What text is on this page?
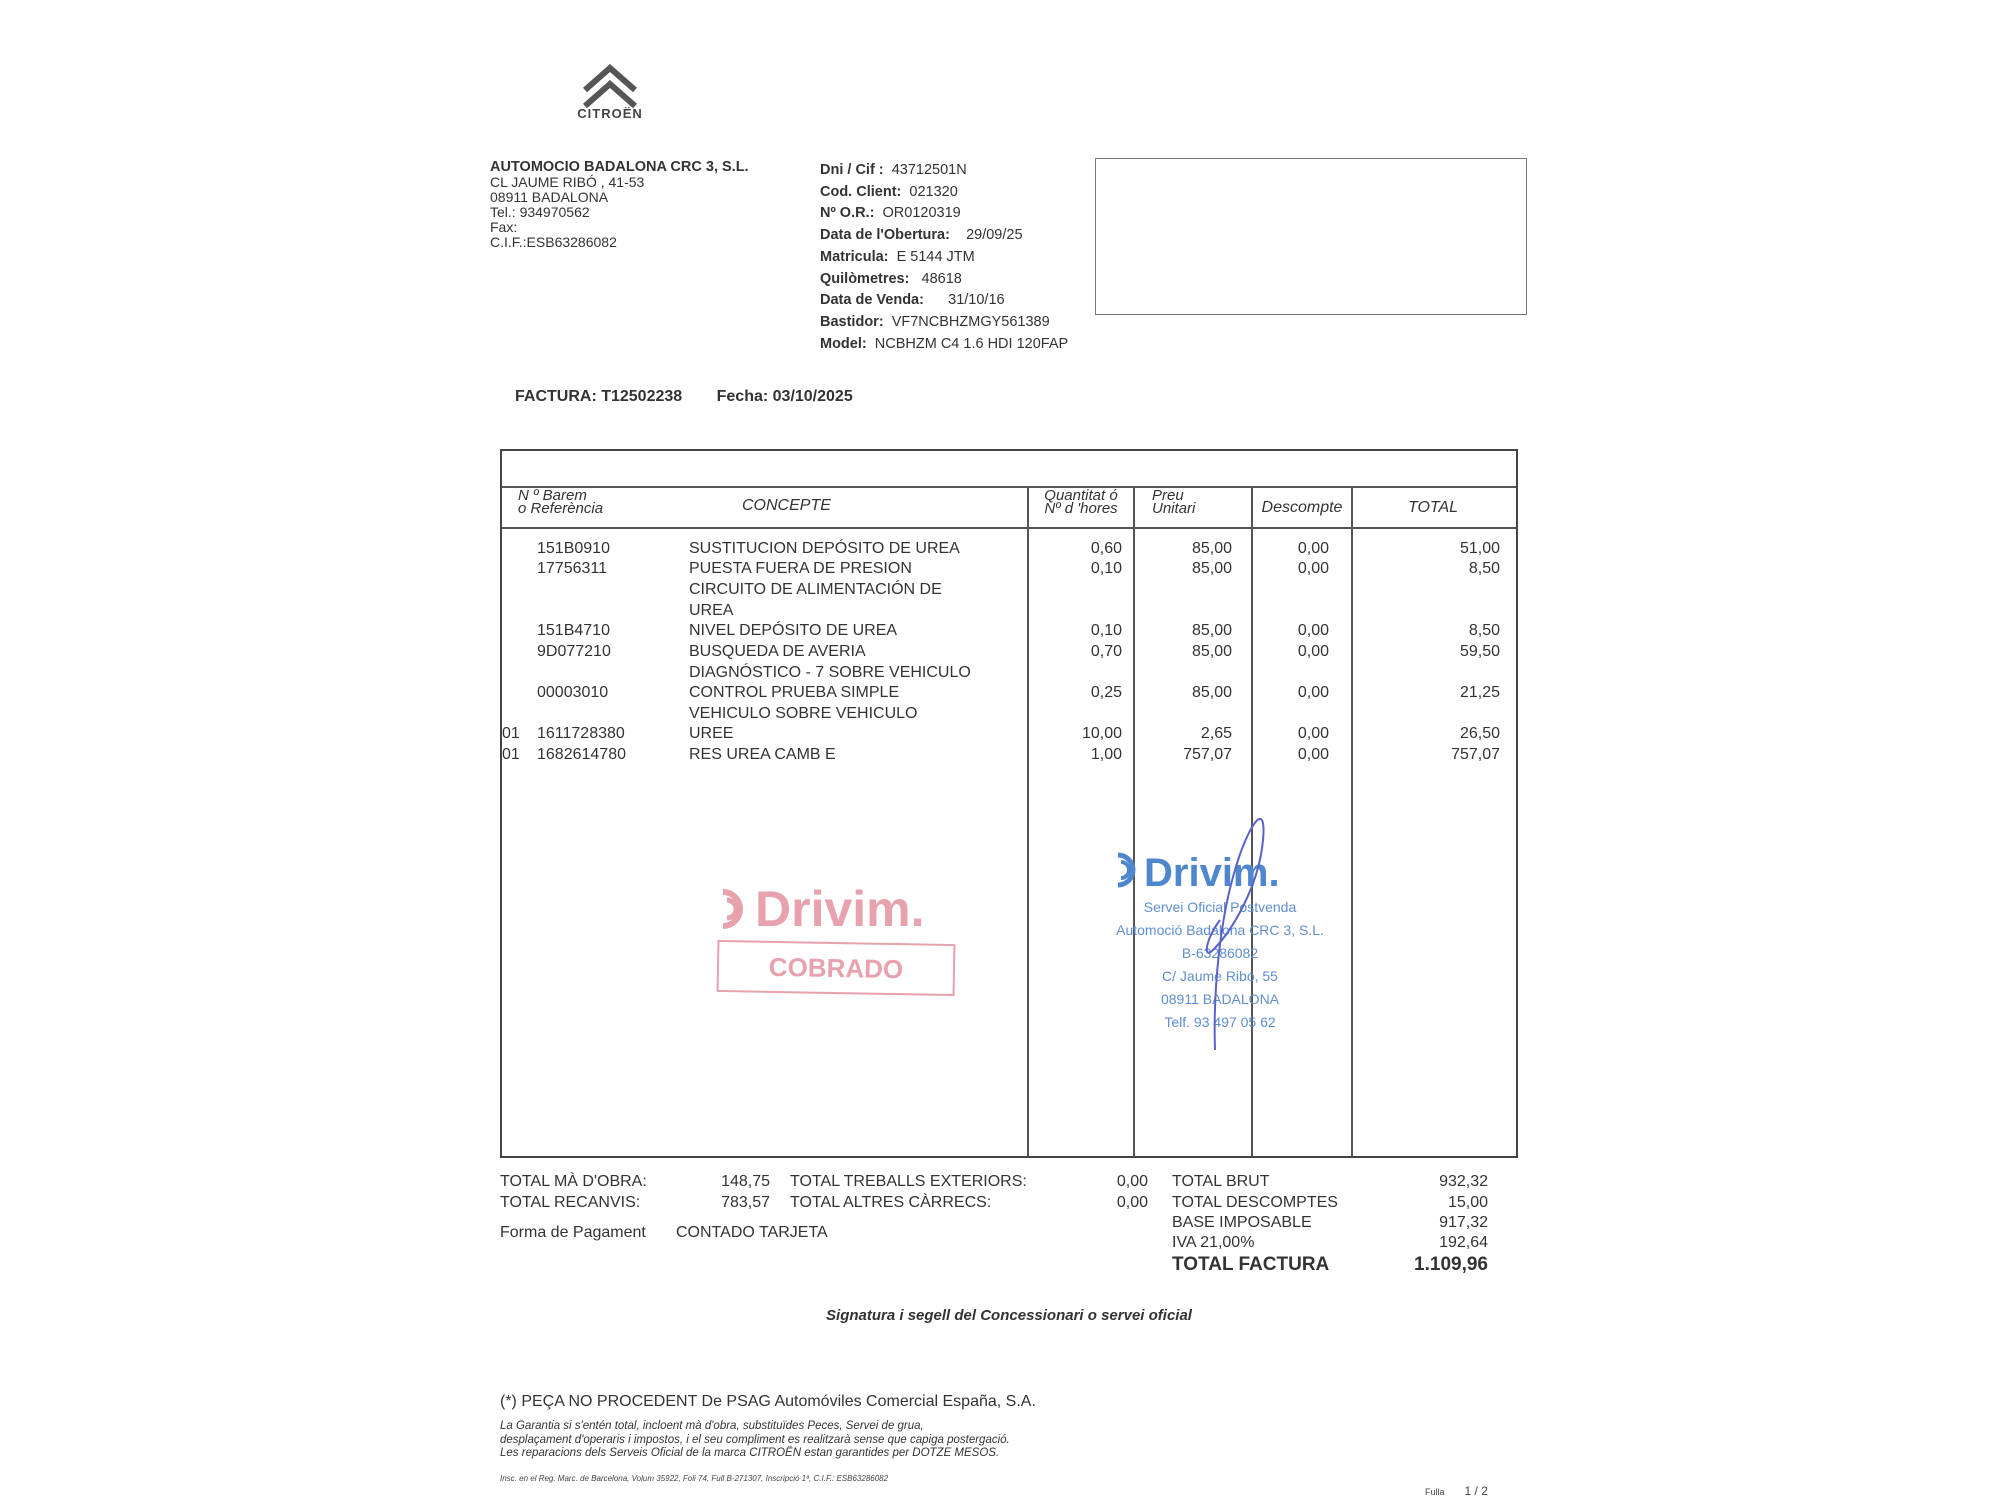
CITROËN
AUTOMOCIO BADALONA CRC 3, S.L.
CL JAUME RIBÓ , 41-53
08911 BADALONA
Tel.: 934970562
Fax:
C.I.F.:ESB63286082
Dni / Cif : 43712501N
Cod. Client: 021320
Nº O.R.: OR0120319
Data de l'Obertura: 29/09/25
Matricula: E 5144 JTM
Quilòmetres: 48618
Data de Venda: 31/10/16
Bastidor: VF7NCBHZMGY561389
Model: NCBHZM C4 1.6 HDI 120FAP
FACTURA: T12502238 Fecha: 03/10/2025
N º Barem
o Referència	CONCEPTE
Quantitat ó
Nº d 'hores
Preu
Unitari	Descompte	TOTAL
151B0910	SUSTITUCION DEPÓSITO DE UREA	0,60	85,00	0,00	51,00
17756311	PUESTA FUERA DE PRESION	0,10	85,00	0,00	8,50
CIRCUITO DE ALIMENTACIÓN DE
UREA
151B4710	NIVEL DEPÓSITO DE UREA	0,10	85,00	0,00	8,50
9D077210	BUSQUEDA DE AVERIA	0,70	85,00	0,00	59,50
DIAGNÓSTICO - 7 SOBRE VEHICULO
00003010	CONTROL PRUEBA SIMPLE	0,25	85,00	0,00	21,25
VEHICULO SOBRE VEHICULO
01 1611728380	UREE	10,00	2,65	0,00	26,50
01 1682614780	RES UREA CAMB E	1,00	757,07	0,00	757,07
Drivim.
COBRADO
Drivim.
Servei Oficial Postvenda
Automoció Badalona CRC 3, S.L.
B-63286082
C/ Jaume Ribó, 55
08911 BADALONA
Telf. 93 497 05 62
TOTAL MÀ D'OBRA:	148,75
TOTAL RECANVIS:	783,57
TOTAL TREBALLS EXTERIORS:	0,00
TOTAL ALTRES CÀRRECS:	0,00
Forma de Pagament CONTADO TARJETA
TOTAL BRUT	932,32
TOTAL DESCOMPTES	15,00
BASE IMPOSABLE	917,32
IVA 21,00%	192,64
TOTAL FACTURA	1.109,96
Signatura i segell del Concessionari o servei oficial
(*) PEÇA NO PROCEDENT De PSAG Automóviles Comercial España, S.A.
La Garantia si s'entén total, incloent mà d'obra, substituïdes Peces, Servei de grua,
desplaçament d'operaris i impostos, i el seu compliment es realitzarà sense que capiga postergació.
Les reparacions dels Serveis Oficial de la marca CITROËN estan garantides per DOTZE MESOS.
Insc. en el Reg. Marc. de Barcelona, Volum 35922, Foli 74, Full B-271307, Inscripció 1ª, C.I.F.: ESB63286082
Fulla 1 / 2
